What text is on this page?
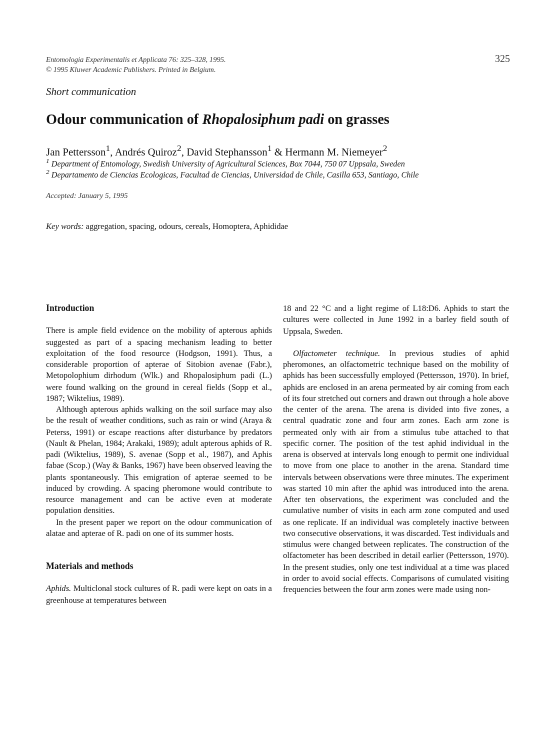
Entomologia Experimentalis et Applicata 76: 325–328, 1995.
© 1995 Kluwer Academic Publishers. Printed in Belgium.
325
Short communication
Odour communication of Rhopalosiphum padi on grasses
Jan Pettersson$^1$, Andrés Quiroz$^2$, David Stephansson$^1$ & Hermann M. Niemeyer$^2$
$^1$ Department of Entomology, Swedish University of Agricultural Sciences, Box 7044, 750 07 Uppsala, Sweden
$^2$ Departamento de Ciencias Ecologicas, Facultad de Ciencias, Universidad de Chile, Casilla 653, Santiago, Chile
Accepted: January 5, 1995
Key words: aggregation, spacing, odours, cereals, Homoptera, Aphididae
Introduction

There is ample field evidence on the mobility of apterous aphids suggested as part of a spacing mechanism leading to better exploitation of the food resource (Hodgson, 1991). Thus, a considerable proportion of apterae of Sitobion avenae (Fabr.), Metopolophium dirhodum (Wlk.) and Rhopalosiphum padi (L.) were found walking on the ground in cereal fields (Sopp et al., 1987; Wiktelius, 1989).

Although apterous aphids walking on the soil surface may also be the result of weather conditions, such as rain or wind (Araya & Peterss, 1991) or escape reactions after disturbance by predators (Nault & Phelan, 1984; Arakaki, 1989); adult apterous aphids of R. padi (Wiktelius, 1989), S. avenae (Sopp et al., 1987), and Aphis fabae (Scop.) (Way & Banks, 1967) have been observed leaving the plants spontaneously. This emigration of apterae seemed to be induced by crowding. A spacing pheromone would contribute to resource management and can be active even at moderate population densities.

In the present paper we report on the odour communication of alatae and apterae of R. padi on one of its summer hosts.

Materials and methods

Aphids. Multiclonal stock cultures of R. padi were kept on oats in a greenhouse at temperatures between

18 and 22 °C and a light regime of L18:D6. Aphids to start the cultures were collected in June 1992 in a barley field south of Uppsala, Sweden.

Olfactometer technique. In previous studies of aphid pheromones, an olfactometric technique based on the mobility of aphids has been successfully employed (Pettersson, 1970). In brief, aphids are enclosed in an arena permeated by air coming from each of its four stretched out corners and drawn out through a hole above the center of the arena. The arena is divided into five zones, a central quadratic zone and four arm zones. Each arm zone is permeated only with air from a stimulus tube attached to that specific corner. The position of the test aphid individual in the arena is observed at intervals long enough to permit one individual to move from one place to another in the arena. Standard time intervals between observations were three minutes. The experiment was started 10 min after the aphid was introduced into the arena. After ten observations, the experiment was concluded and the cumulative number of visits in each arm zone computed and used as one replicate. If an individual was completely inactive between two consecutive observations, it was discarded. Test individuals and stimulus were changed between replicates. The construction of the olfactometer has been described in detail earlier (Pettersson, 1970). In the present studies, only one test individual at a time was placed in order to avoid social effects. Comparisons of cumulated visiting frequencies between the four arm zones were made using non-
